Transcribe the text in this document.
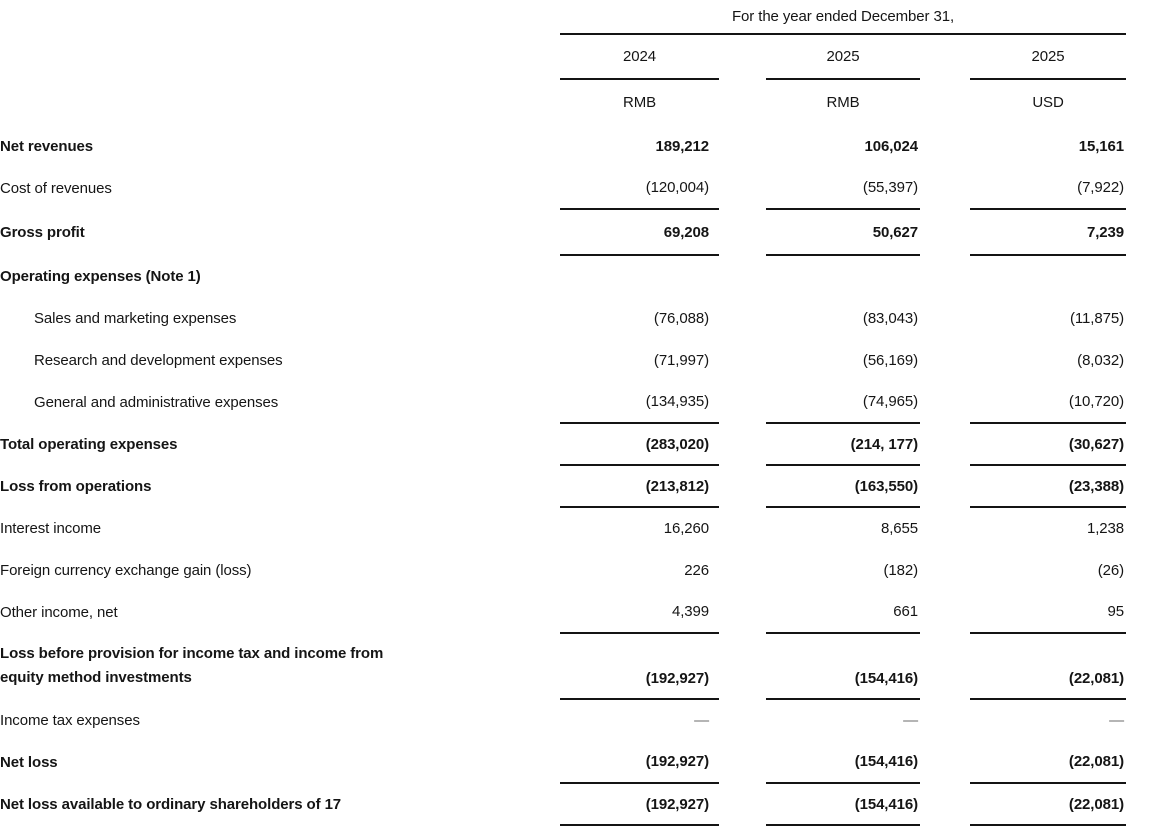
	For the year ended December 31,				
	2024		2025		2025
	RMB		RMB		USD
Net revenues	189,212		106,024		15,161
Cost of revenues	(120,004)		(55,397)		(7,922)
Gross profit	69,208		50,627		7,239
Operating expenses (Note 1)					
Sales and marketing expenses	(76,088)		(83,043)		(11,875)
Research and development expenses	(71,997)		(56,169)		(8,032)
General and administrative expenses	(134,935)		(74,965)		(10,720)
Total operating expenses	(283,020)		(214, 177)		(30,627)
Loss from operations	(213,812)		(163,550)		(23,388)
Interest income	16,260		8,655		1,238
Foreign currency exchange gain (loss)	226		(182)		(26)
Other income, net	4,399		661		95

Loss before provision for income tax and income from equity method investments	(192,927)		(154,416)		(22,081)
Income tax expenses	—		—		—
Net loss	(192,927)		(154,416)		(22,081)
Net loss available to ordinary shareholders of 17	(192,927)		(154,416)		(22,081)
